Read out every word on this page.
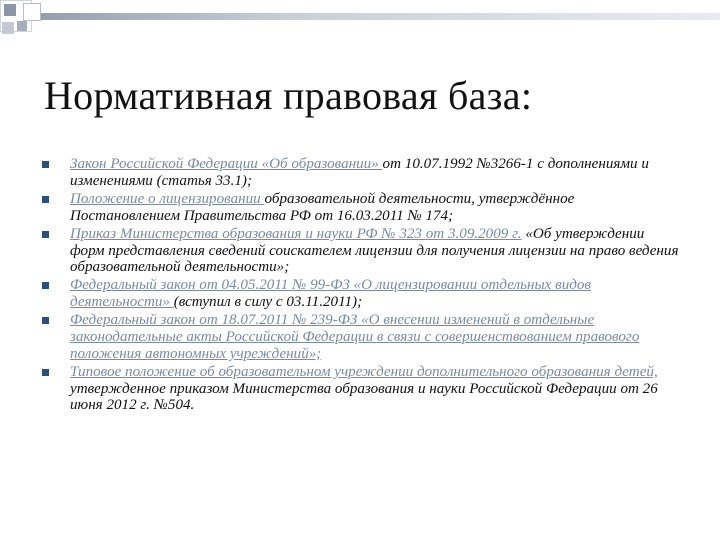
Нормативная правовая база:
Закон Российской Федерации «Об образовании» от 10.07.1992 №3266-1 с дополнениями и изменениями (статья 33.1);
Положение о лицензировании образовательной деятельности, утверждённое Постановлением Правительства РФ от 16.03.2011 № 174;
Приказ Министерства образования и науки РФ № 323 от 3.09.2009 г. «Об утверждении форм представления сведений соискателем лицензии для получения лицензии на право ведения образовательной деятельности»;
Федеральный закон от 04.05.2011 № 99-ФЗ «О лицензировании отдельных видов деятельности» (вступил в силу с 03.11.2011);
Федеральный закон от 18.07.2011 № 239-ФЗ «О внесении изменений в отдельные законодательные акты Российской Федерации в связи с совершенствованием правового положения автономных учреждений»;
Типовое положение об образовательном учреждении дополнительного образования детей, утвержденное приказом Министерства образования и науки Российской Федерации от 26 июня 2012 г. №504.
